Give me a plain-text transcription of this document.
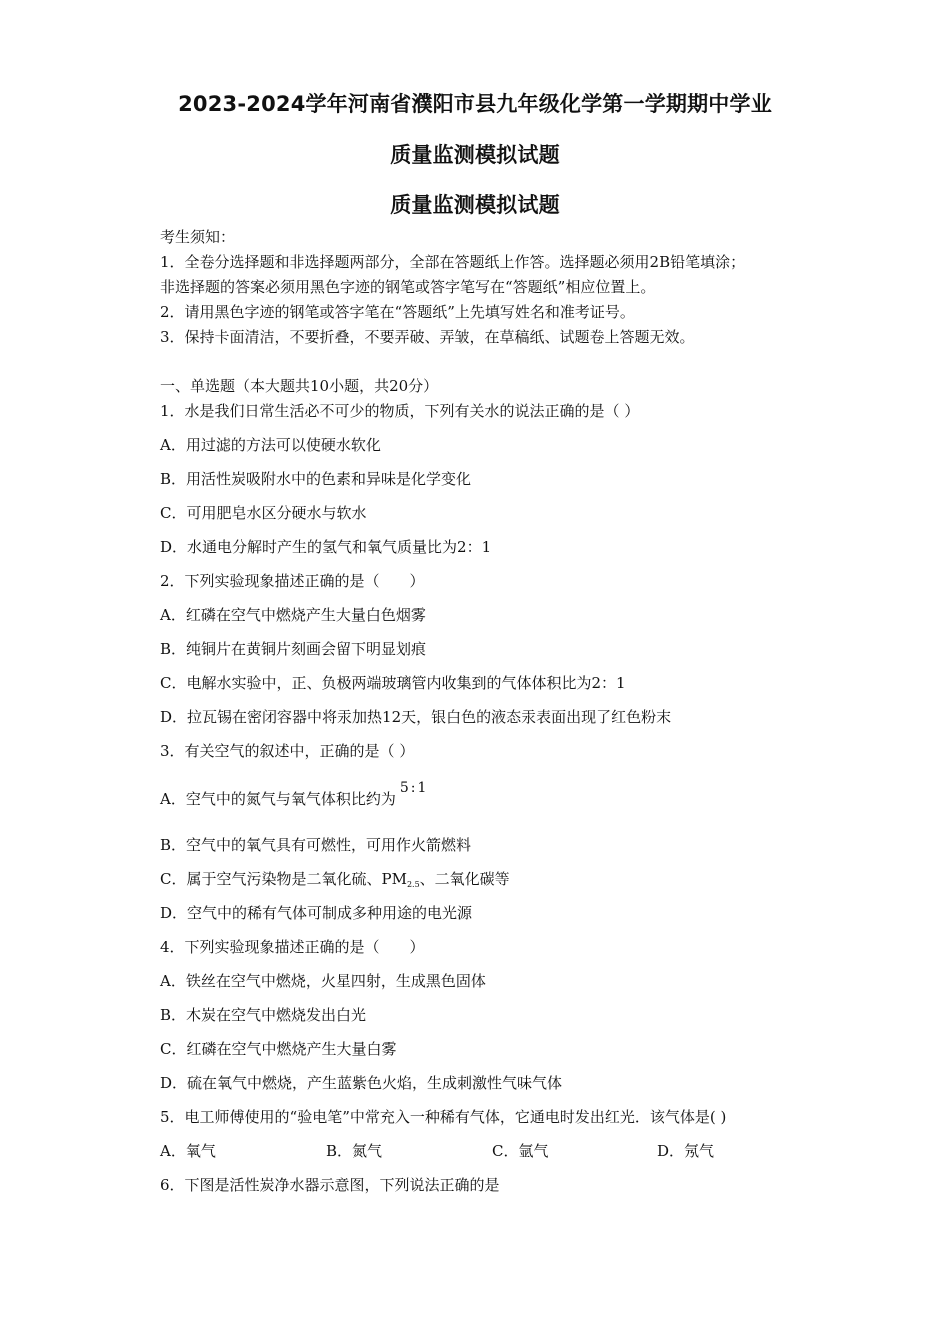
2023-2024学年河南省濮阳市县九年级化学第一学期期中学业
质量监测模拟试题
质量监测模拟试题
考生须知：
1．全卷分选择题和非选择题两部分，全部在答题纸上作答。选择题必须用2B铅笔填涂；
非选择题的答案必须用黑色字迹的钢笔或答字笔写在“答题纸”相应位置上。
2．请用黑色字迹的钢笔或答字笔在“答题纸”上先填写姓名和准考证号。
3．保持卡面清洁，不要折叠，不要弄破、弄皱，在草稿纸、试题卷上答题无效。
一、单选题（本大题共10小题，共20分）
1．水是我们日常生活必不可少的物质，下列有关水的说法正确的是（ ）
A．用过滤的方法可以使硬水软化
B．用活性炭吸附水中的色素和异味是化学变化
C．可用肥皂水区分硬水与软水
D．水通电分解时产生的氢气和氧气质量比为2：1
2．下列实验现象描述正确的是（　　）
A．红磷在空气中燃烧产生大量白色烟雾
B．纯铜片在黄铜片刻画会留下明显划痕
C．电解水实验中，正、负极两端玻璃管内收集到的气体体积比为2：1
D．拉瓦锡在密闭容器中将汞加热12天，银白色的液态汞表面出现了红色粉末
3．有关空气的叙述中，正确的是（ ）
A．空气中的氮气与氧气体积比约为5:1
B．空气中的氧气具有可燃性，可用作火箭燃料
C．属于空气污染物是二氧化硫、$PM_{2.5}$、二氧化碳等
D．空气中的稀有气体可制成多种用途的电光源
4．下列实验现象描述正确的是（　　）
A．铁丝在空气中燃烧，火星四射，生成黑色固体
B．木炭在空气中燃烧发出白光
C．红磷在空气中燃烧产生大量白雾
D．硫在氧气中燃烧，产生蓝紫色火焰，生成刺激性气味气体
5．电工师傅使用的“验电笔”中常充入一种稀有气体，它通电时发出红光．该气体是( )
A．氧气	B．氮气	C．氩气	D．氖气
6．下图是活性炭净水器示意图，下列说法正确的是
